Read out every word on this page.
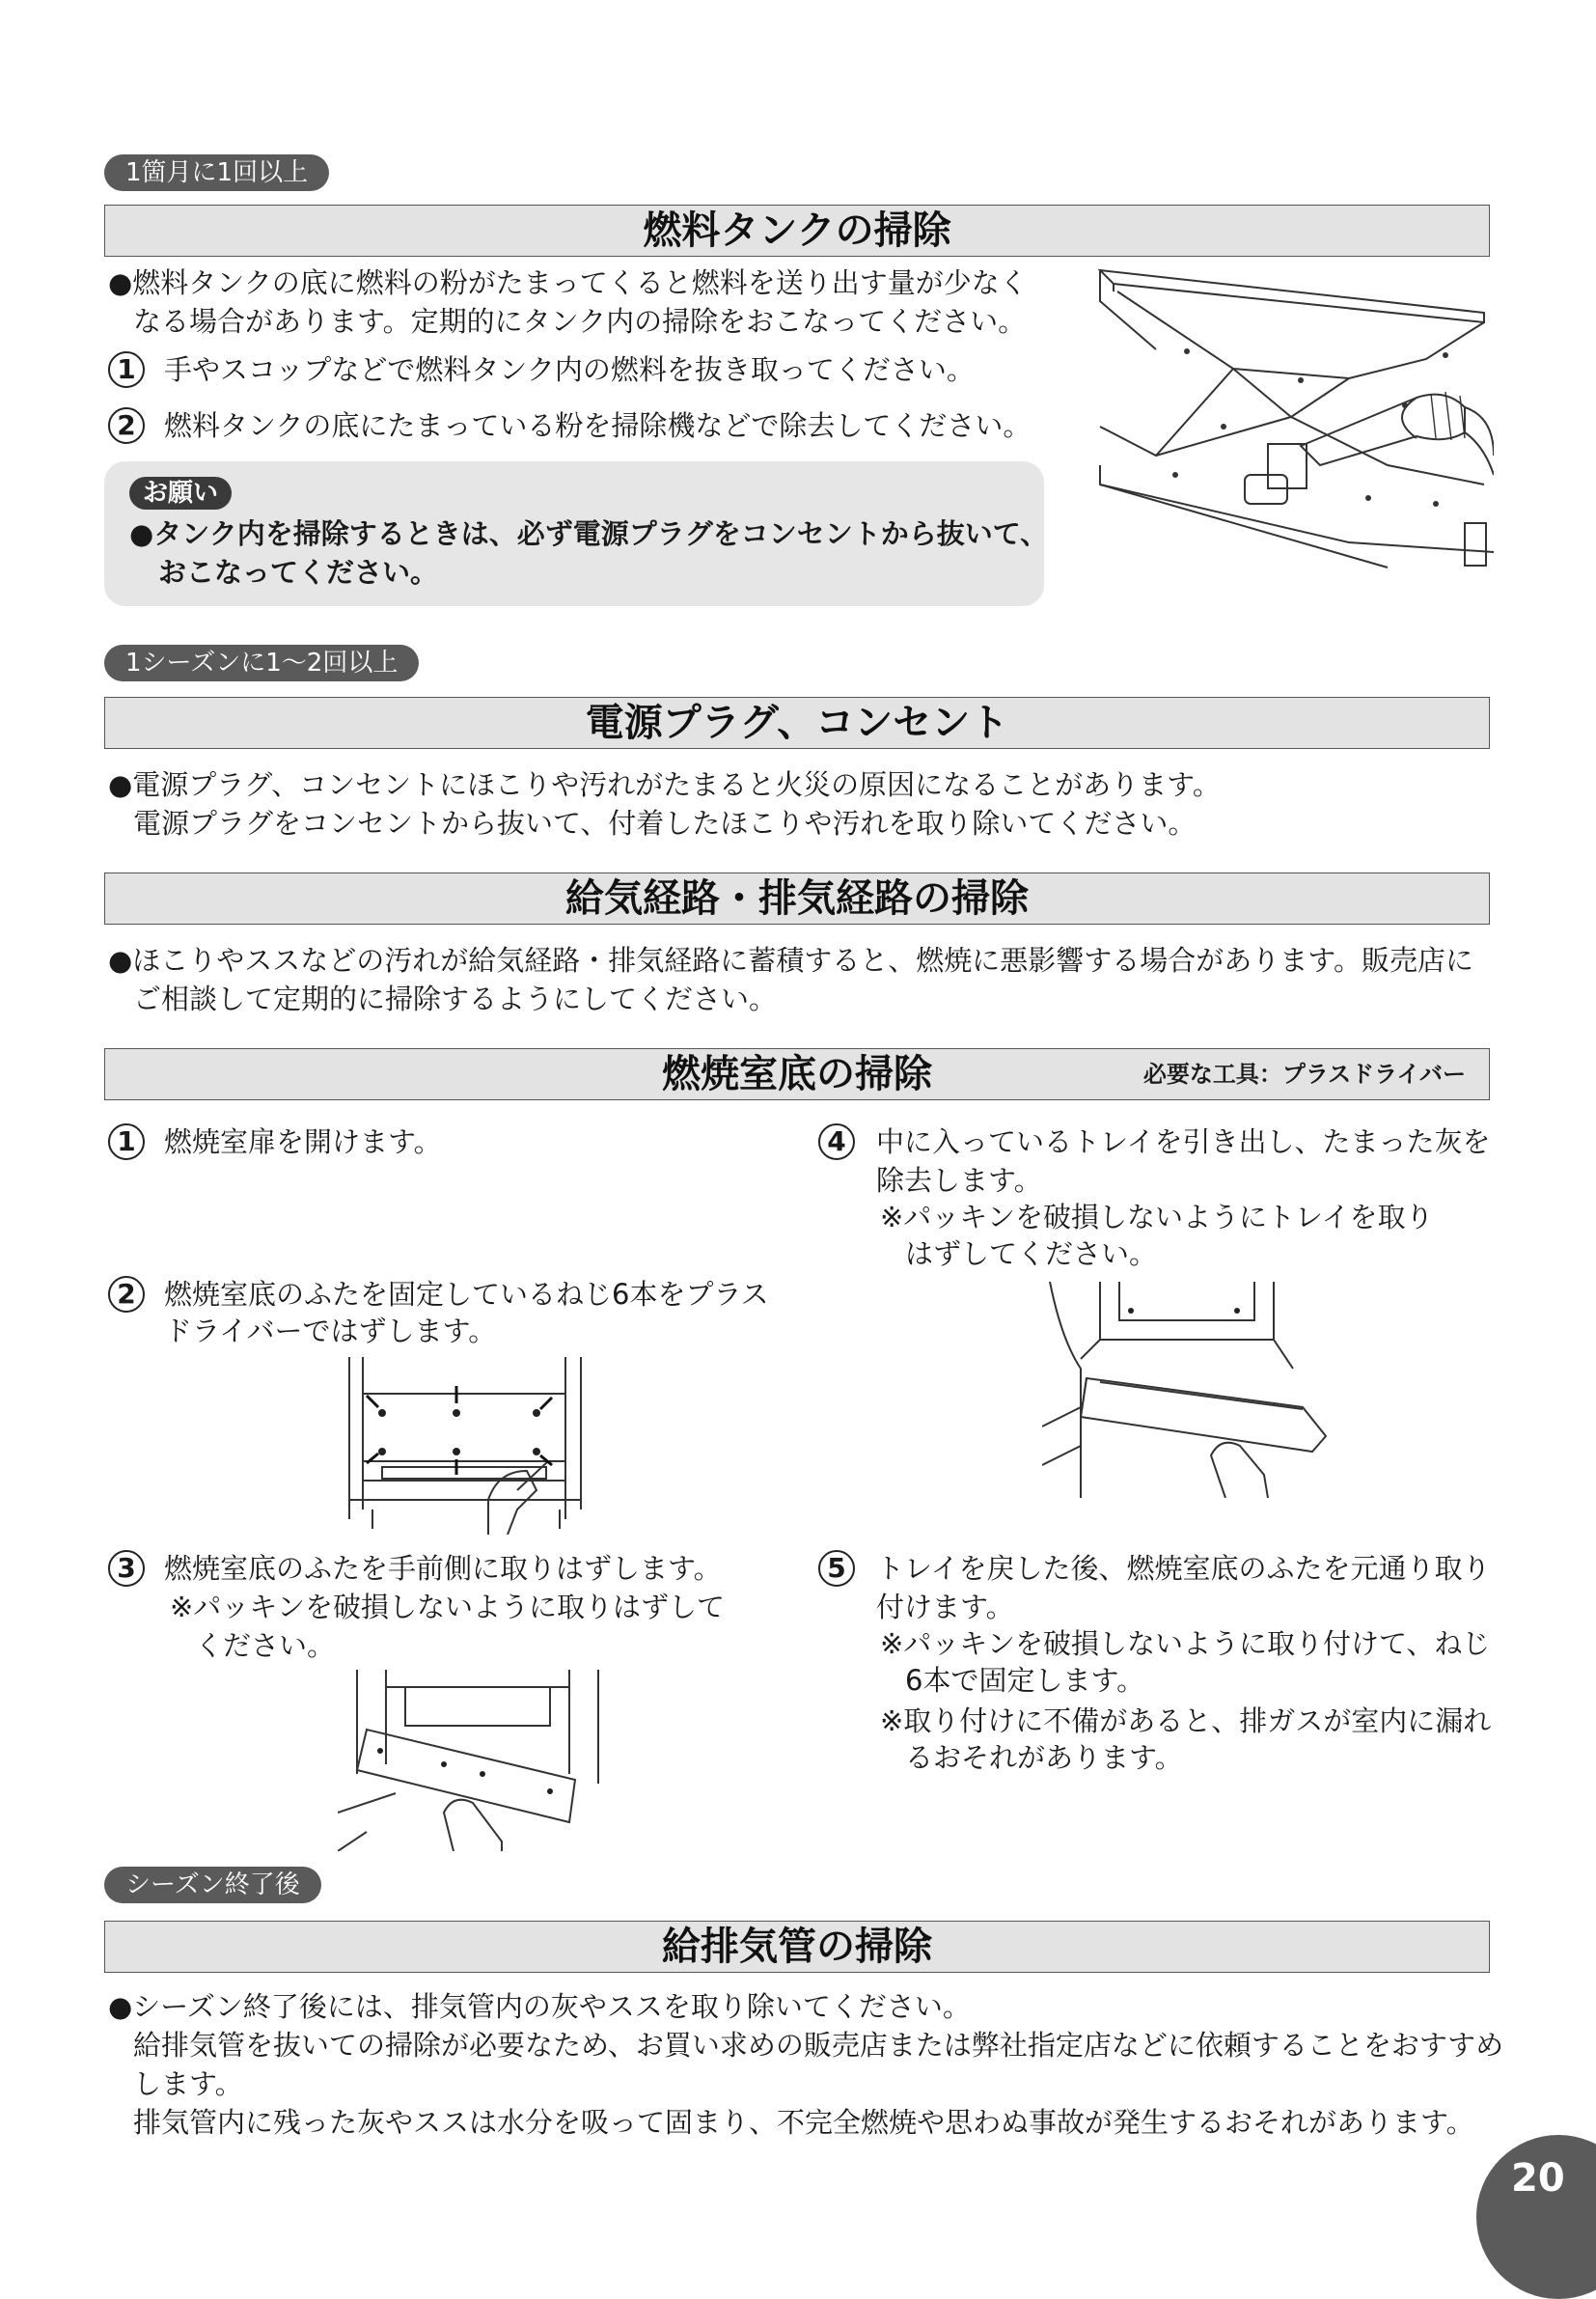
1箇月に1回以上
燃料タンクの掃除
●燃料タンクの底に燃料の粉がたまってくると燃料を送り出す量が少なく
なる場合があります。定期的にタンク内の掃除をおこなってください。
1	手やスコップなどで燃料タンク内の燃料を抜き取ってください。
2	燃料タンクの底にたまっている粉を掃除機などで除去してください。
お願い
●タンク内を掃除するときは、必ず電源プラグをコンセントから抜いて、
おこなってください。
1シーズンに1～2回以上
電源プラグ、コンセント
●電源プラグ、コンセントにほこりや汚れがたまると火災の原因になることがあります。
電源プラグをコンセントから抜いて、付着したほこりや汚れを取り除いてください。
給気経路・排気経路の掃除
●ほこりやススなどの汚れが給気経路・排気経路に蓄積すると、燃焼に悪影響する場合があります。販売店に
ご相談して定期的に掃除するようにしてください。
燃焼室底の掃除	必要な工具：プラスドライバー
1	燃焼室扉を開けます。
2	燃焼室底のふたを固定しているねじ6本をプラス
ドライバーではずします。
3	燃焼室底のふたを手前側に取りはずします。
※パッキンを破損しないように取りはずして
ください。
4	中に入っているトレイを引き出し、たまった灰を
除去します。
※パッキンを破損しないようにトレイを取り
はずしてください。
5	トレイを戻した後、燃焼室底のふたを元通り取り
付けます。
※パッキンを破損しないように取り付けて、ねじ
6本で固定します。
※取り付けに不備があると、排ガスが室内に漏れ
るおそれがあります。
シーズン終了後
給排気管の掃除
●シーズン終了後には、排気管内の灰やススを取り除いてください。
給排気管を抜いての掃除が必要なため、お買い求めの販売店または弊社指定店などに依頼することをおすすめ
します。
排気管内に残った灰やススは水分を吸って固まり、不完全燃焼や思わぬ事故が発生するおそれがあります。
20
